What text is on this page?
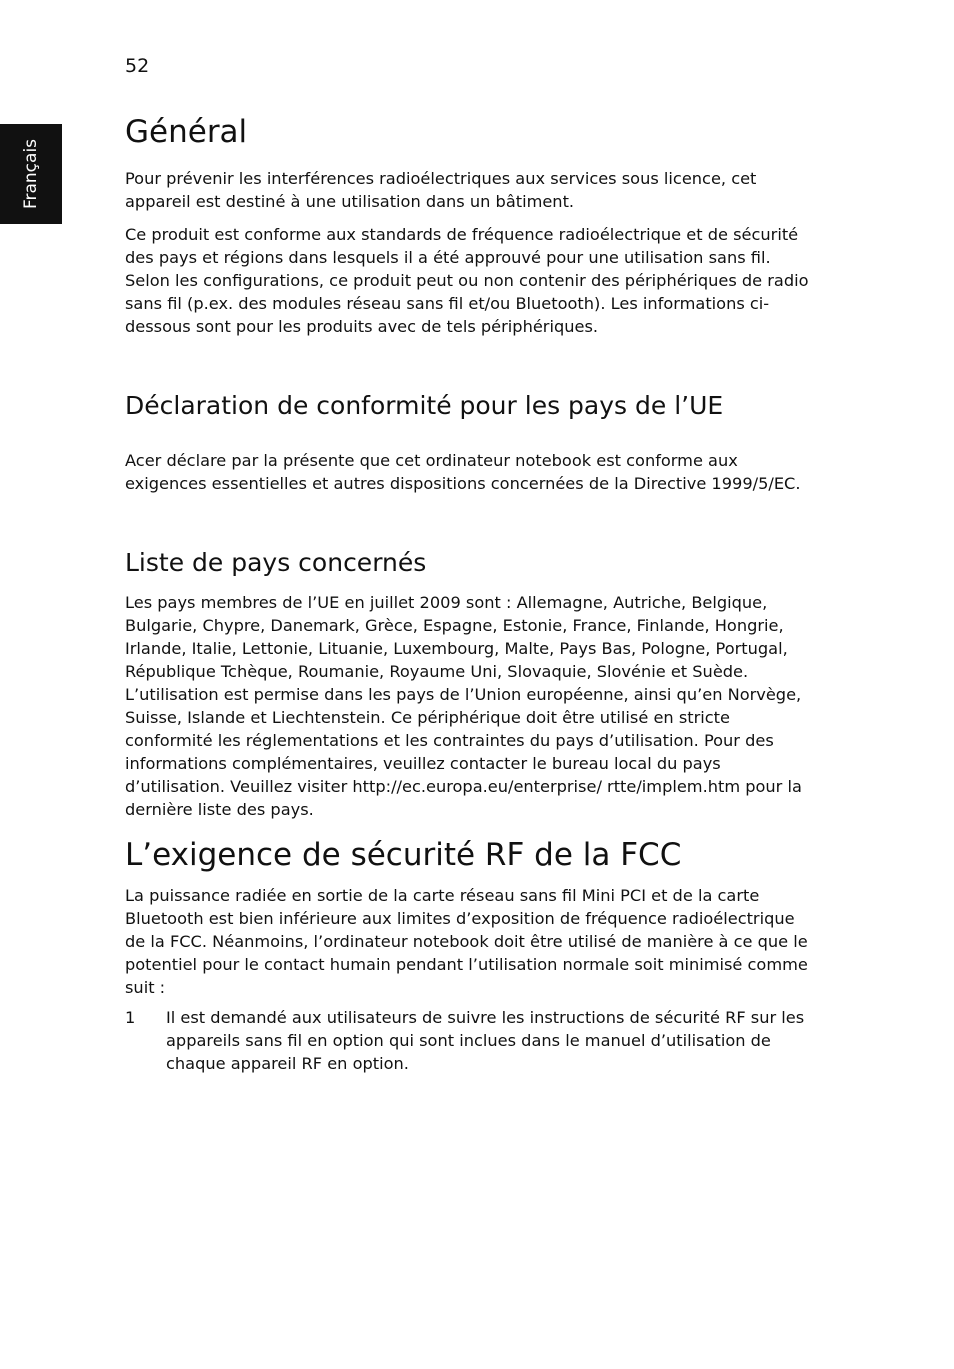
52
Français
Général

Pour prévenir les interférences radioélectriques aux services sous licence, cet appareil est destiné à une utilisation dans un bâtiment.

Ce produit est conforme aux standards de fréquence radioélectrique et de sécurité des pays et régions dans lesquels il a été approuvé pour une utilisation sans fil. Selon les configurations, ce produit peut ou non contenir des périphériques de radio sans fil (p.ex. des modules réseau sans fil et/ou Bluetooth). Les informations ci-dessous sont pour les produits avec de tels périphériques.

Déclaration de conformité pour les pays de l’UE

Acer déclare par la présente que cet ordinateur notebook est conforme aux exigences essentielles et autres dispositions concernées de la Directive 1999/5/EC.

Liste de pays concernés

Les pays membres de l’UE en juillet 2009 sont : Allemagne, Autriche, Belgique, Bulgarie, Chypre, Danemark, Grèce, Espagne, Estonie, France, Finlande, Hongrie, Irlande, Italie, Lettonie, Lituanie, Luxembourg, Malte, Pays Bas, Pologne, Portugal, République Tchèque, Roumanie, Royaume Uni, Slovaquie, Slovénie et Suède. L’utilisation est permise dans les pays de l’Union européenne, ainsi qu’en Norvège, Suisse, Islande et Liechtenstein. Ce périphérique doit être utilisé en stricte conformité les réglementations et les contraintes du pays d’utilisation. Pour des informations complémentaires, veuillez contacter le bureau local du pays d’utilisation. Veuillez visiter http://ec.europa.eu/enterprise/ rtte/implem.htm pour la dernière liste des pays.

L’exigence de sécurité RF de la FCC

La puissance radiée en sortie de la carte réseau sans fil Mini PCI et de la carte Bluetooth est bien inférieure aux limites d’exposition de fréquence radioélectrique de la FCC. Néanmoins, l’ordinateur notebook doit être utilisé de manière à ce que le potentiel pour le contact humain pendant l’utilisation normale soit minimisé comme suit :

1 Il est demandé aux utilisateurs de suivre les instructions de sécurité RF sur les appareils sans fil en option qui sont inclues dans le manuel d’utilisation de chaque appareil RF en option.
